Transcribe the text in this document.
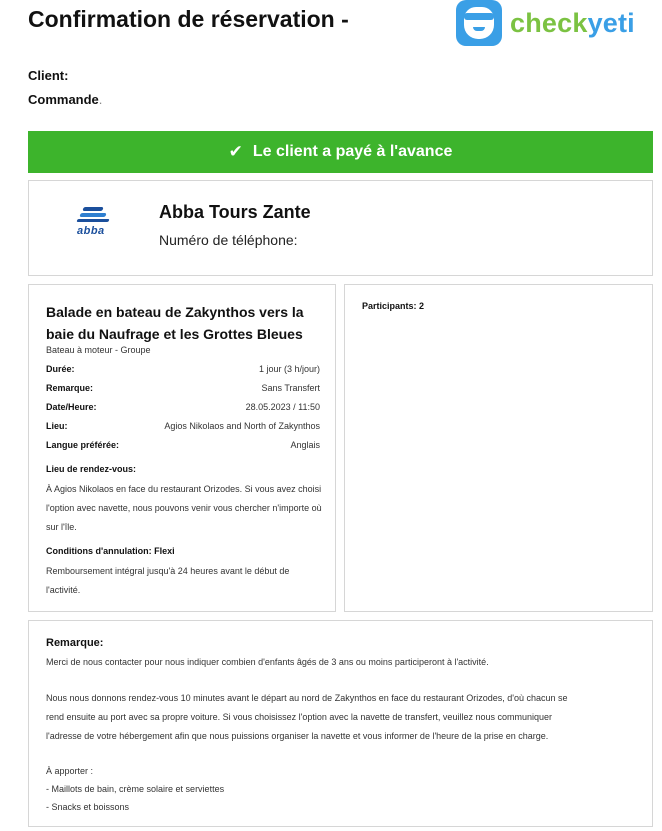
Confirmation de réservation -	checkyeti
Client:
Commande.
✔ Le client a payé à l'avance
abba
Abba Tours Zante
Numéro de téléphone:
Balade en bateau de Zakynthos vers la baie du Naufrage et les Grottes Bleues
Bateau à moteur - Groupe
Durée:	1 jour (3 h/jour)
Remarque:	Sans Transfert
Date/Heure:	28.05.2023 / 11:50
Lieu:	Agios Nikolaos and North of Zakynthos
Langue préférée:	Anglais
Lieu de rendez-vous:
À Agios Nikolaos en face du restaurant Orizodes. Si vous avez choisi l'option avec navette, nous pouvons venir vous chercher n'importe où sur l'île.
Conditions d'annulation: Flexi
Remboursement intégral jusqu'à 24 heures avant le début de l'activité.
Participants: 2
Remarque:
Merci de nous contacter pour nous indiquer combien d'enfants âgés de 3 ans ou moins participeront à l'activité.
Nous nous donnons rendez-vous 10 minutes avant le départ au nord de Zakynthos en face du restaurant Orizodes, d'où chacun se
rend ensuite au port avec sa propre voiture. Si vous choisissez l'option avec la navette de transfert, veuillez nous communiquer
l'adresse de votre hébergement afin que nous puissions organiser la navette et vous informer de l'heure de la prise en charge.
À apporter :
- Maillots de bain, crème solaire et serviettes
- Snacks et boissons
